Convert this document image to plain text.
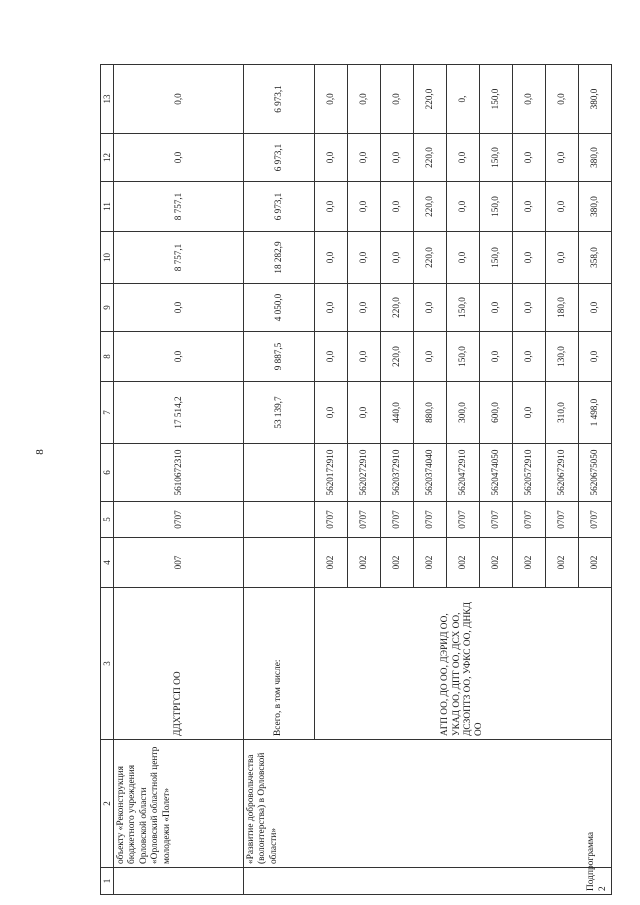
8
1	2	3	4	5	6	7	8	9	10	11	12	13
	объекту «Реконструкция бюджетного учреждения Орловской области «Орловский областной центр молодежи «Полет»	ДДХТРГСП ОО	007	0707	5610672310	17 514,2	0,0	0,0	8 757,1	8 757,1	0,0	0,0
Подпрограмма 2	«Развитие добровольчества (волонтерства) в Орловской области»	Всего, в том числе:				53 139,7	9 887,5	4 050,0	18 282,9	6 973,1	6 973,1	6 973,1
		АГП ОО, ДО ОО, ДЭРИД ОО, УКАД ОО, ДПТ ОО, ДСХ ОО, ДСЗОПТЗ ОО, УФКС ОО, ДНКД ОО	002	0707	5620172910	0,0	0,0	0,0	0,0	0,0	0,0	0,0
			002	0707	5620272910	0,0	0,0	0,0	0,0	0,0	0,0	0,0
			002	0707	5620372910	440,0	220,0	220,0	0,0	0,0	0,0	0,0
			002	0707	5620374040	880,0	0,0	0,0	220,0	220,0	220,0	220,0
			002	0707	5620472910	300,0	150,0	150,0	0,0	0,0	0,0	0,
			002	0707	5620474050	600,0	0,0	0,0	150,0	150,0	150,0	150,0
			002	0707	5620572910	0,0	0,0	0,0	0,0	0,0	0,0	0,0
			002	0707	5620672910	310,0	130,0	180,0	0,0	0,0	0,0	0,0
			002	0707	5620675050	1 498,0	0,0	0,0	358,0	380,0	380,0	380,0
